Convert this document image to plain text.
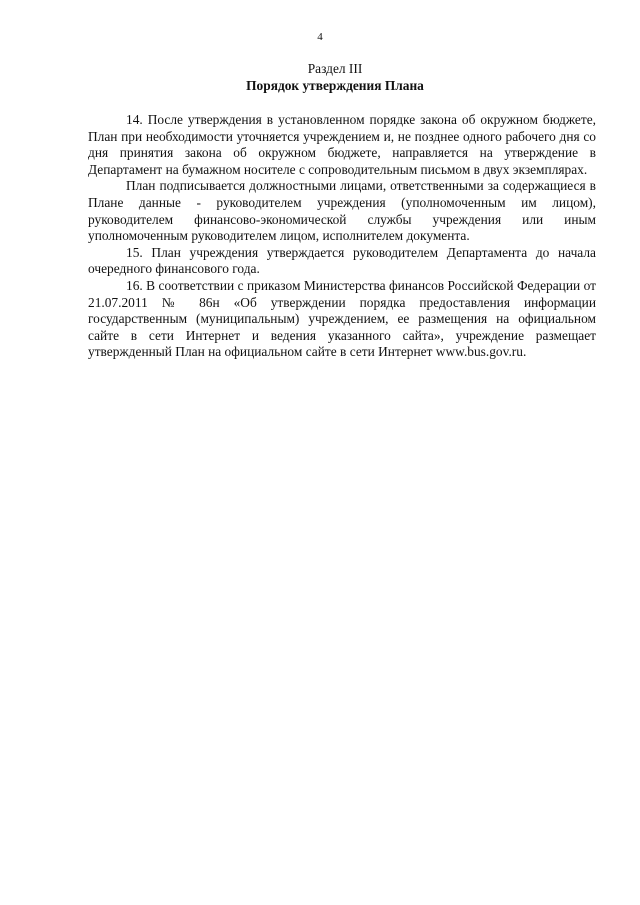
4
Раздел III
Порядок утверждения Плана

14. После утверждения в установленном порядке закона об окружном бюджете, План при необходимости уточняется учреждением и, не позднее одного рабочего дня со дня принятия закона об окружном бюджете, направляется на утверждение в Департамент на бумажном носителе с сопроводительным письмом в двух экземплярах.

План подписывается должностными лицами, ответственными за содержащиеся в Плане данные - руководителем учреждения (уполномоченным им лицом), руководителем финансово-экономической службы учреждения или иным уполномоченным руководителем лицом, исполнителем документа.

15. План учреждения утверждается руководителем Департамента до начала очередного финансового года.

16. В соответствии с приказом Министерства финансов Российской Федерации от 21.07.2011 № 86н «Об утверждении порядка предоставления информации государственным (муниципальным) учреждением, ее размещения на официальном сайте в сети Интернет и ведения указанного сайта», учреждение размещает утвержденный План на официальном сайте в сети Интернет www.bus.gov.ru.
